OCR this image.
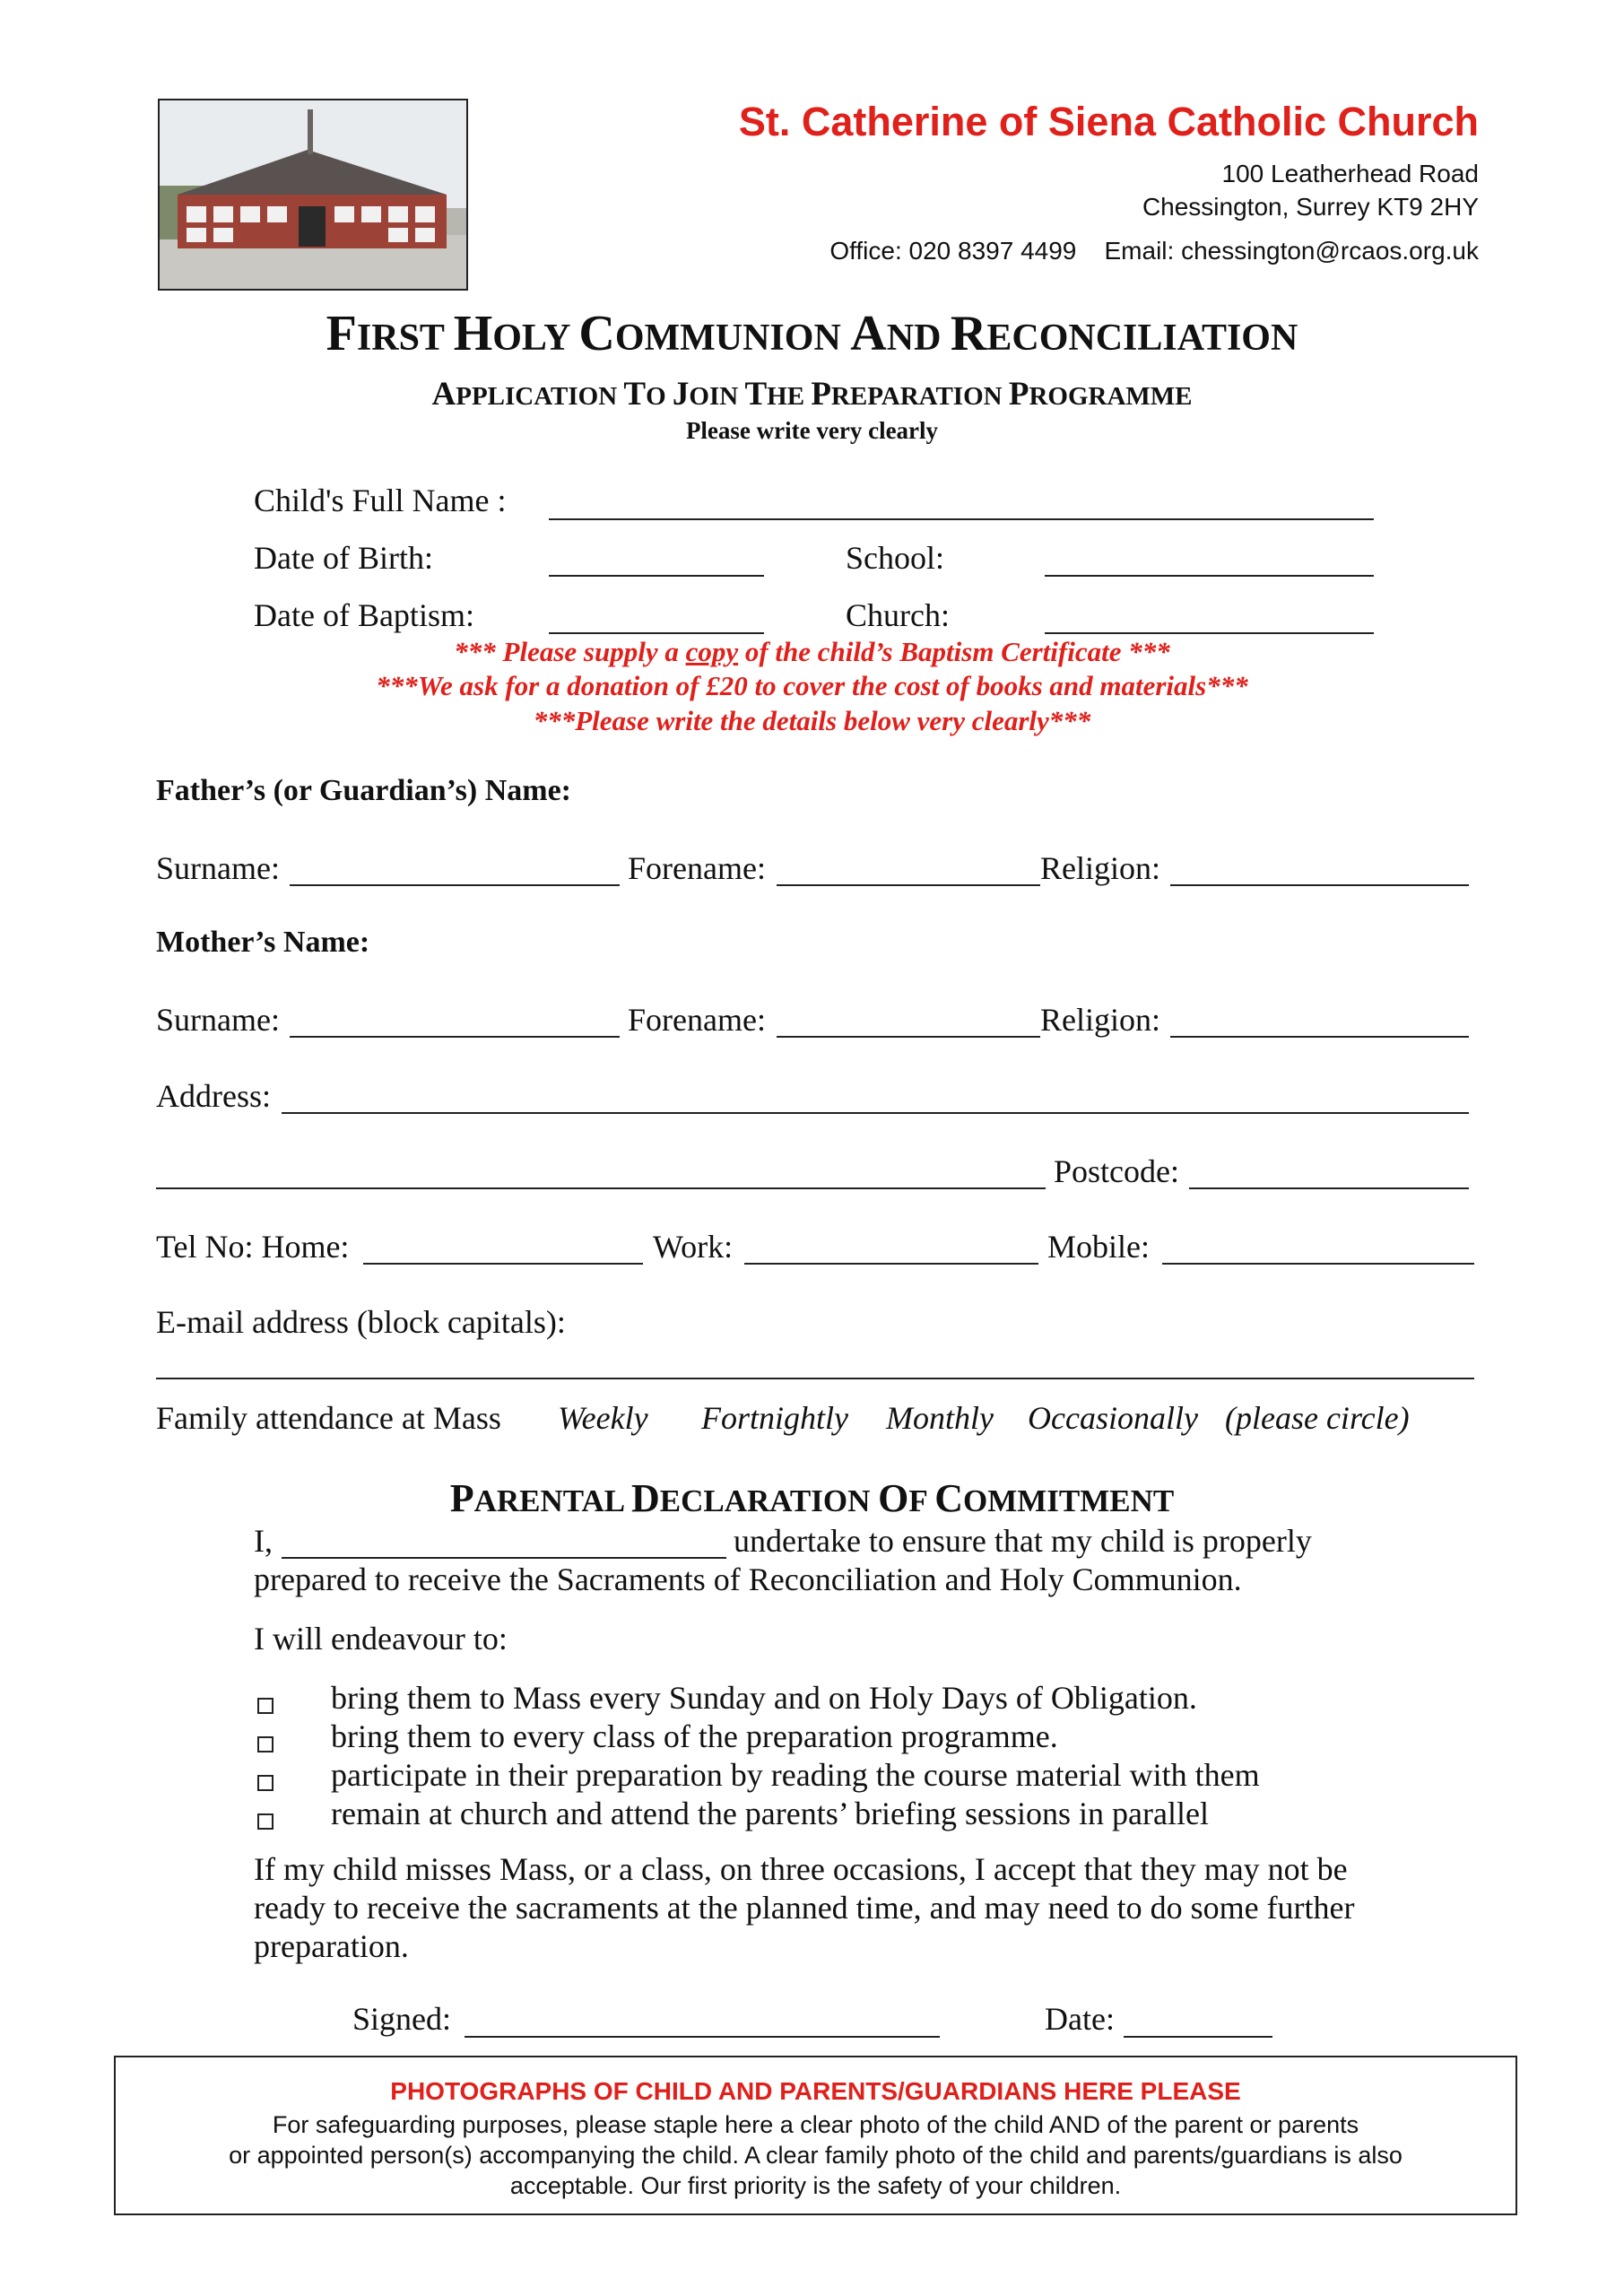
St. Catherine of Siena Catholic Church
100 Leatherhead Road
Chessington, Surrey KT9 2HY
Office: 020 8397 4499 Email: chessington@rcaos.org.uk
FIRST HOLY COMMUNION AND RECONCILIATION
APPLICATION TO JOIN THE PREPARATION PROGRAMME
Please write very clearly
Child's Full Name :
Date of Birth:	School:
Date of Baptism:	Church:
*** Please supply a copy of the child’s Baptism Certificate ***
***We ask for a donation of £20 to cover the cost of books and materials***
***Please write the details below very clearly***
Father’s (or Guardian’s) Name:
Surname:	Forename:	Religion:
Mother’s Name:
Surname:	Forename:	Religion:
Address:
Postcode:
Tel No: Home:	Work:	Mobile:
E-mail address (block capitals):
Family attendance at Mass Weekly Fortnightly Monthly Occasionally (please circle)
PARENTAL DECLARATION OF COMMITMENT
I,	undertake to ensure that my child is properly
prepared to receive the Sacraments of Reconciliation and Holy Communion.
I will endeavour to:
bring them to Mass every Sunday and on Holy Days of Obligation.
bring them to every class of the preparation programme.
participate in their preparation by reading the course material with them
remain at church and attend the parents’ briefing sessions in parallel
If my child misses Mass, or a class, on three occasions, I accept that they may not be
ready to receive the sacraments at the planned time, and may need to do some further
preparation.
Signed:	Date:
PHOTOGRAPHS OF CHILD AND PARENTS/GUARDIANS HERE PLEASE
For safeguarding purposes, please staple here a clear photo of the child AND of the parent or parents
or appointed person(s) accompanying the child. A clear family photo of the child and parents/guardians is also
acceptable. Our first priority is the safety of your children.
